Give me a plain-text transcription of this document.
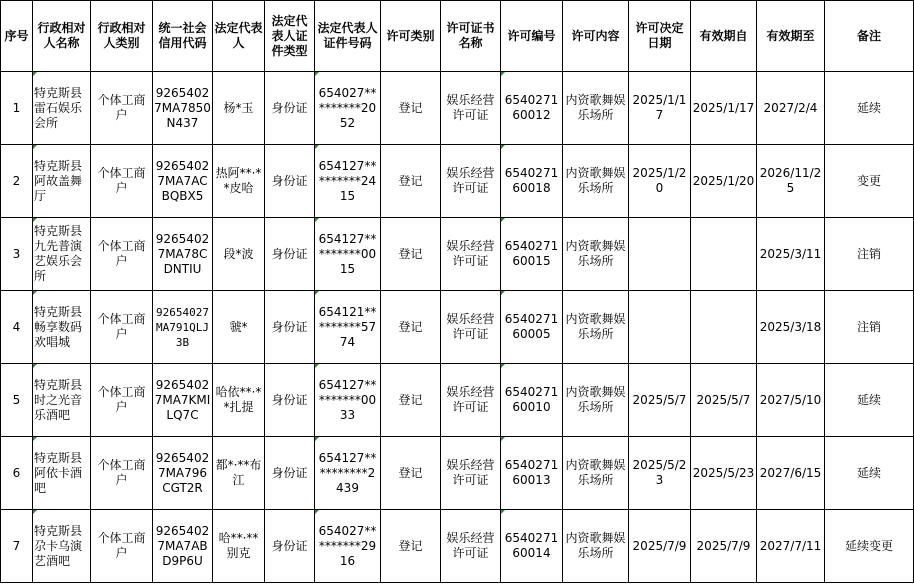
序号	行政相对人名称	行政相对人类别	统一社会信用代码	法定代表人	法定代表人证件类型	法定代表人证件号码	许可类别	许可证书名称	许可编号	许可内容	许可决定日期	有效期自	有效期至	备注
1	特克斯县雷石娱乐会所	个体工商户	92654027MA7850N437	杨*玉	身份证	654027*********2052	登记	娱乐经营许可证	654027160012	内资歌舞娱乐场所	2025/1/17	2025/1/17	2027/2/4	延续
2	特克斯县阿故盖舞厅	个体工商户	92654027MA7ACBQBX5	热阿**·**皮哈	身份证	654127*********2415	登记	娱乐经营许可证	654027160018	内资歌舞娱乐场所	2025/1/20	2025/1/20	2026/11/25	变更
3	特克斯县九先普演艺娱乐会所	个体工商户	92654027MA78CDNTIU	段*波	身份证	654127*********0015	登记	娱乐经营许可证	654027160015	内资歌舞娱乐场所			2025/3/11	注销
4	特克斯县畅享数码欢唱城	个体工商户	92654027MA791QLJ3B	虢*	身份证	654121*********5774	登记	娱乐经营许可证	654027160005	内资歌舞娱乐场所			2025/3/18	注销
5	特克斯县时之光音乐酒吧	个体工商户	92654027MA7KMILQ7C	哈依**·**扎提	身份证	654127*********0033	登记	娱乐经营许可证	654027160010	内资歌舞娱乐场所	2025/5/7	2025/5/7	2027/5/10	延续
6	特克斯县阿依卡酒吧	个体工商户	92654027MA796CGT2R	都*·**布江	身份证	654127**********2439	登记	娱乐经营许可证	654027160013	内资歌舞娱乐场所	2025/5/23	2025/5/23	2027/6/15	延续
7	特克斯县尕卡乌演艺酒吧	个体工商户	92654027MA7ABD9P6U	哈**·**别克	身份证	654027*********2916	登记	娱乐经营许可证	654027160014	内资歌舞娱乐场所	2025/7/9	2025/7/9	2027/7/11	延续变更
